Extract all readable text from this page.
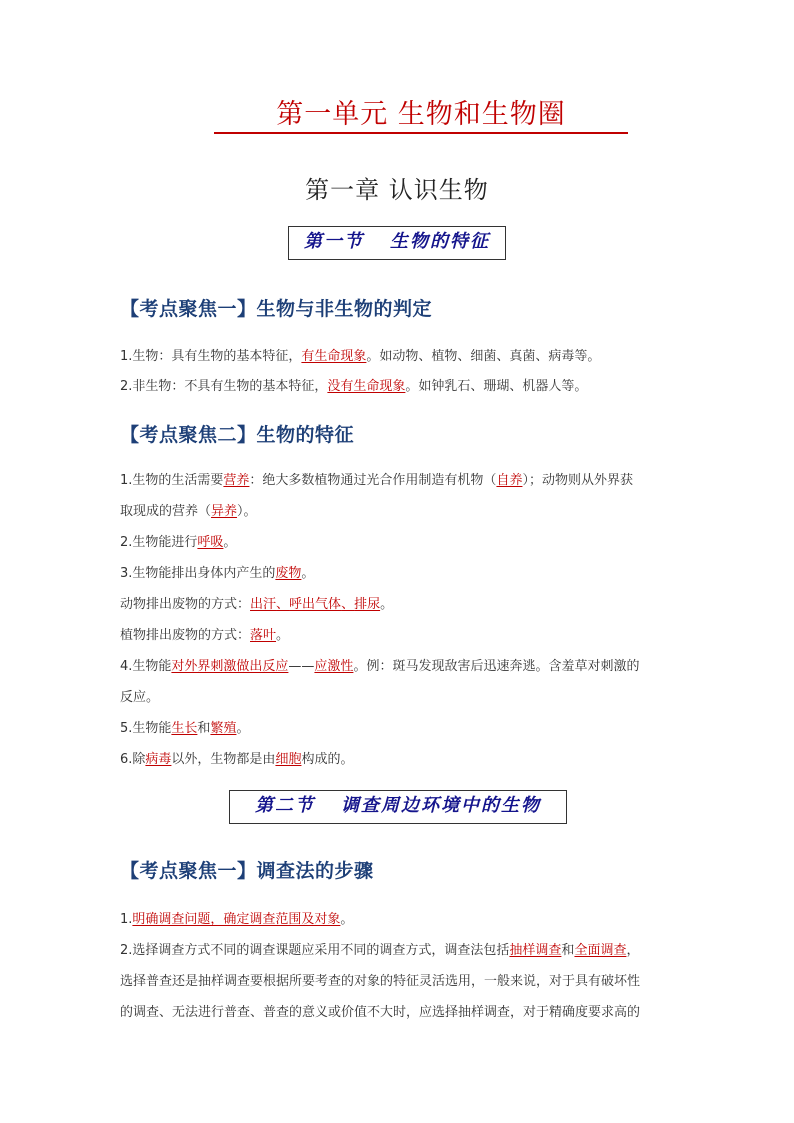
第一单元 生物和生物圈
第一章 认识生物
第一节 生物的特征
【考点聚焦一】生物与非生物的判定
1.生物：具有生物的基本特征，有生命现象。如动物、植物、细菌、真菌、病毒等。
2.非生物：不具有生物的基本特征，没有生命现象。如钟乳石、珊瑚、机器人等。
【考点聚焦二】生物的特征
1.生物的生活需要营养：绝大多数植物通过光合作用制造有机物（自养）；动物则从外界获
取现成的营养（异养）。
2.生物能进行呼吸。
3.生物能排出身体内产生的废物。
动物排出废物的方式：出汗、呼出气体、排尿。
植物排出废物的方式：落叶。
4.生物能对外界刺激做出反应——应激性。例：斑马发现敌害后迅速奔逃。含羞草对刺激的
反应。
5.生物能生长和繁殖。
6.除病毒以外，生物都是由细胞构成的。
第二节 调查周边环境中的生物
【考点聚焦一】调查法的步骤
1.明确调查问题，确定调查范围及对象。
2.选择调查方式不同的调查课题应采用不同的调查方式，调查法包括抽样调查和全面调查，
选择普查还是抽样调查要根据所要考查的对象的特征灵活选用，一般来说，对于具有破坏性
的调查、无法进行普查、普查的意义或价值不大时，应选择抽样调查，对于精确度要求高的
